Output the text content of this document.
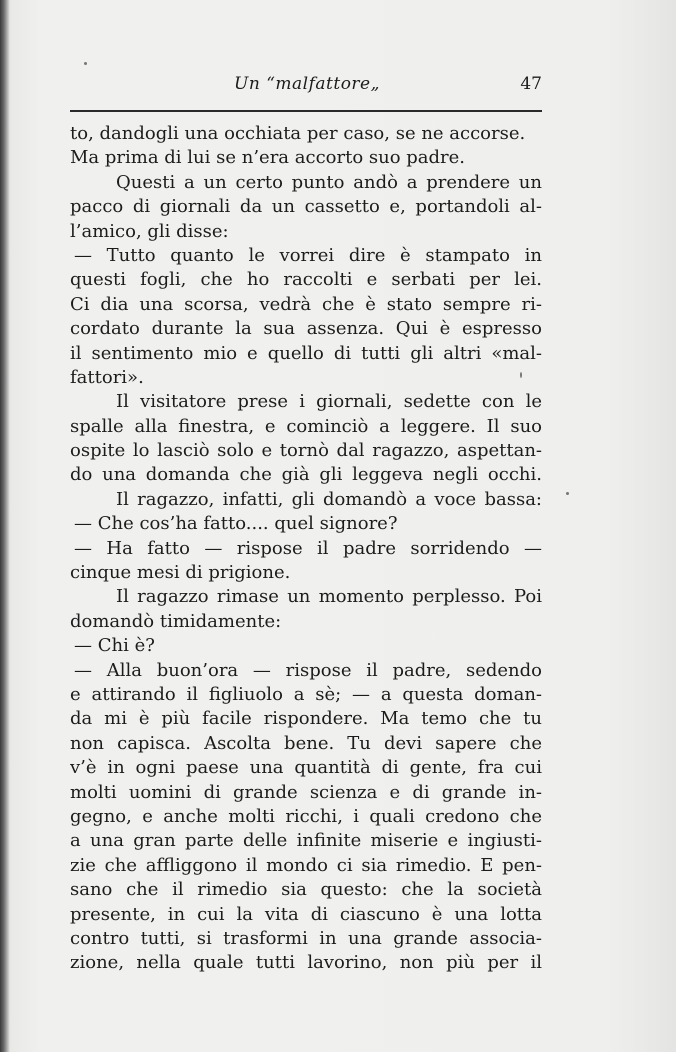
Un “malfattore„	47
to, dandogli una occhiata per caso, se ne accorse.
Ma prima di lui se n’era accorto suo padre.
Questi a un certo punto andò a prendere un
pacco di giornali da un cassetto e, portandoli al-
l’amico, gli disse:
— Tutto quanto le vorrei dire è stampato in
questi fogli, che ho raccolti e serbati per lei.
Ci dia una scorsa, vedrà che è stato sempre ri-
cordato durante la sua assenza. Qui è espresso
il sentimento mio e quello di tutti gli altri «mal-
fattori».
Il visitatore prese i giornali, sedette con le
spalle alla finestra, e cominciò a leggere. Il suo
ospite lo lasciò solo e tornò dal ragazzo, aspettan-
do una domanda che già gli leggeva negli occhi.
Il ragazzo, infatti, gli domandò a voce bassa:
— Che cos’ha fatto.... quel signore?
— Ha fatto — rispose il padre sorridendo —
cinque mesi di prigione.
Il ragazzo rimase un momento perplesso. Poi
domandò timidamente:
— Chi è?
— Alla buon’ora — rispose il padre, sedendo
e attirando il figliuolo a sè; — a questa doman-
da mi è più facile rispondere. Ma temo che tu
non capisca. Ascolta bene. Tu devi sapere che
v’è in ogni paese una quantità di gente, fra cui
molti uomini di grande scienza e di grande in-
gegno, e anche molti ricchi, i quali credono che
a una gran parte delle infinite miserie e ingiusti-
zie che affliggono il mondo ci sia rimedio. E pen-
sano che il rimedio sia questo: che la società
presente, in cui la vita di ciascuno è una lotta
contro tutti, si trasformi in una grande associa-
zione, nella quale tutti lavorino, non più per il
